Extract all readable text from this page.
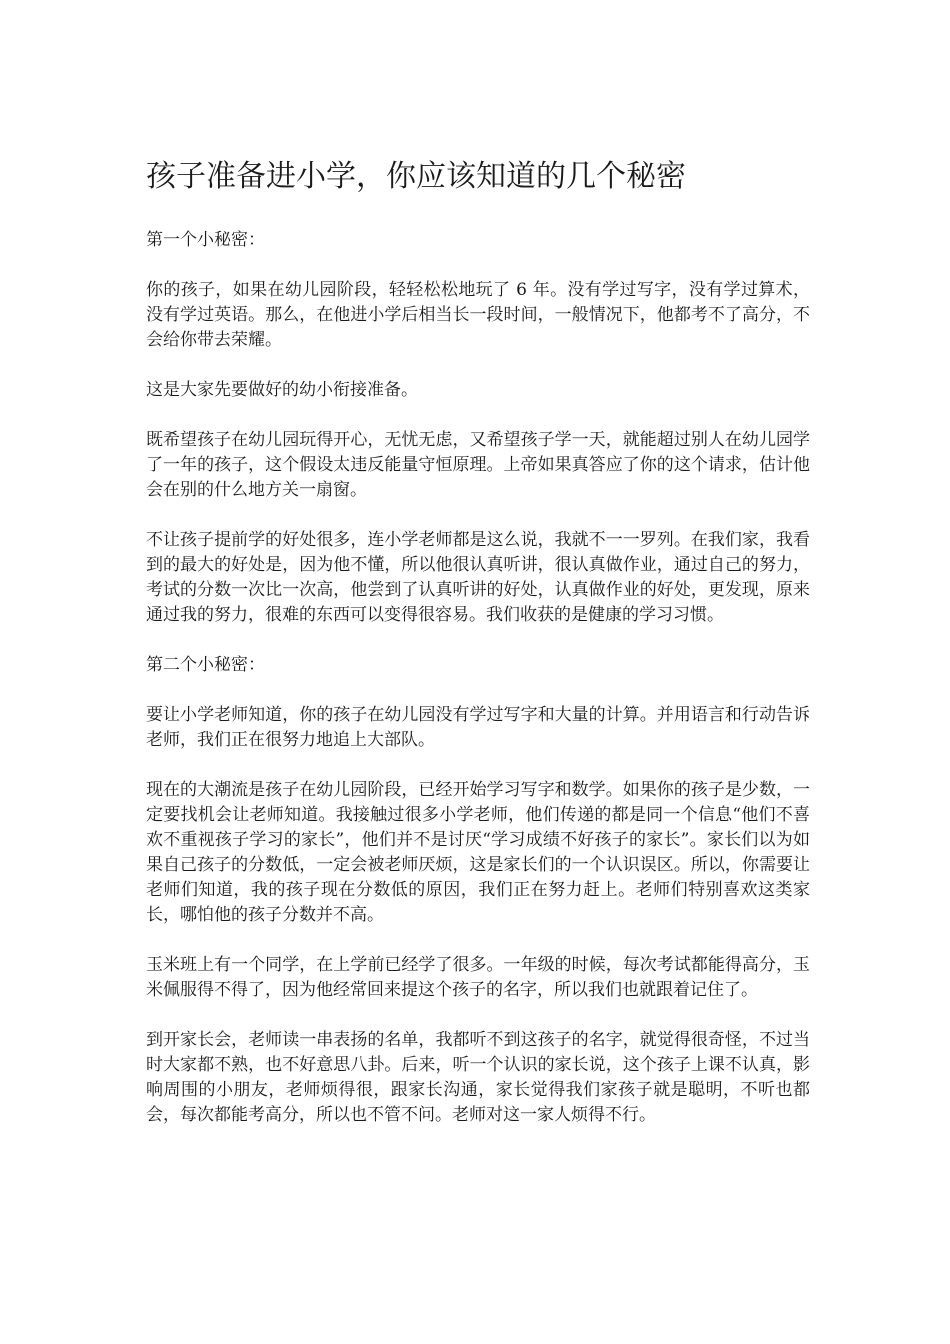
孩子准备进小学，你应该知道的几个秘密

第一个小秘密：

你的孩子，如果在幼儿园阶段，轻轻松松地玩了 6 年。没有学过写字，没有学过算术，没有学过英语。那么，在他进小学后相当长一段时间，一般情况下，他都考不了高分，不会给你带去荣耀。

这是大家先要做好的幼小衔接准备。

既希望孩子在幼儿园玩得开心，无忧无虑，又希望孩子学一天，就能超过别人在幼儿园学了一年的孩子，这个假设太违反能量守恒原理。上帝如果真答应了你的这个请求，估计他会在别的什么地方关一扇窗。

不让孩子提前学的好处很多，连小学老师都是这么说，我就不一一罗列。在我们家，我看到的最大的好处是，因为他不懂，所以他很认真听讲，很认真做作业，通过自己的努力，考试的分数一次比一次高，他尝到了认真听讲的好处，认真做作业的好处，更发现，原来通过我的努力，很难的东西可以变得很容易。我们收获的是健康的学习习惯。

第二个小秘密：

要让小学老师知道，你的孩子在幼儿园没有学过写字和大量的计算。并用语言和行动告诉老师，我们正在很努力地追上大部队。

现在的大潮流是孩子在幼儿园阶段，已经开始学习写字和数学。如果你的孩子是少数，一定要找机会让老师知道。我接触过很多小学老师，他们传递的都是同一个信息“他们不喜欢不重视孩子学习的家长”，他们并不是讨厌“学习成绩不好孩子的家长”。家长们以为如果自己孩子的分数低，一定会被老师厌烦，这是家长们的一个认识误区。所以，你需要让老师们知道，我的孩子现在分数低的原因，我们正在努力赶上。老师们特别喜欢这类家长，哪怕他的孩子分数并不高。

玉米班上有一个同学，在上学前已经学了很多。一年级的时候，每次考试都能得高分，玉米佩服得不得了，因为他经常回来提这个孩子的名字，所以我们也就跟着记住了。

到开家长会，老师读一串表扬的名单，我都听不到这孩子的名字，就觉得很奇怪，不过当时大家都不熟，也不好意思八卦。后来，听一个认识的家长说，这个孩子上课不认真，影响周围的小朋友，老师烦得很，跟家长沟通，家长觉得我们家孩子就是聪明，不听也都会，每次都能考高分，所以也不管不问。老师对这一家人烦得不行。
